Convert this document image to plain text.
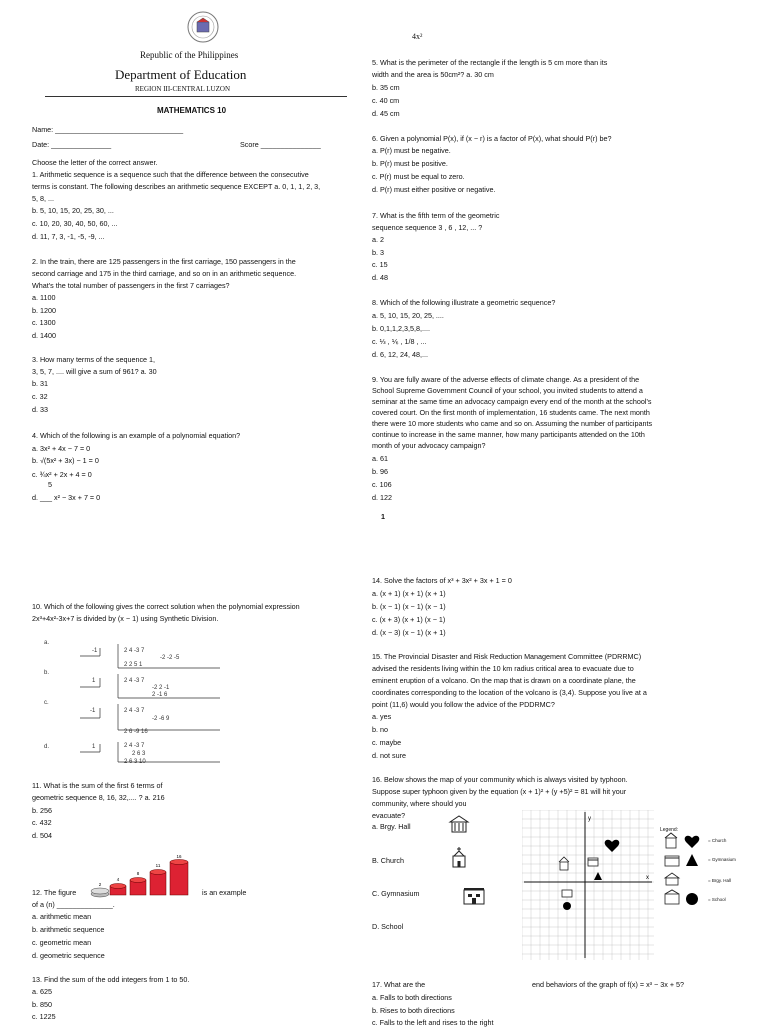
Republic of the Philippines
Department of Education
REGION III-CENTRAL LUZON
MATHEMATICS 10
Name: ________________________________
Date: _______________	Score _______________
Choose the letter of the correct answer.
1. Arithmetic sequence is a sequence such that the difference between the consecutive
terms is constant. The following describes an arithmetic sequence EXCEPT a. 0, 1, 1, 2, 3,
5, 8, ...
b. 5, 10, 15, 20, 25, 30, ...
c. 10, 20, 30, 40, 50, 60, ...
d. 11, 7, 3, -1, -5, -9, ...
2. In the train, there are 125 passengers in the first carriage, 150 passengers in the
second carriage and 175 in the third carriage, and so on in an arithmetic sequence.
What's the total number of passengers in the first 7 carriages?
a. 1100
b. 1200
c. 1300
d. 1400
3. How many terms of the sequence 1,
3, 5, 7, .... will give a sum of 961? a. 30
b. 31
c. 32
d. 33
4. Which of the following is an example of a polynomial equation?
a. 3x² + 4x − 7 = 0
b. √(5x² + 3x) − 1 = 0
c. ¾x² + 2x + 4 = 0
5
d. ___ x² − 3x + 7 = 0
4x²
5. What is the perimeter of the rectangle if the length is 5 cm more than its
width and the area is 50cm²? a. 30 cm
b. 35 cm
c. 40 cm
d. 45 cm
6. Given a polynomial P(x), if (x − r) is a factor of P(x), what should P(r) be?
a. P(r) must be negative.
b. P(r) must be positive.
c. P(r) must be equal to zero.
d. P(r) must either positive or negative.
7. What is the fifth term of the geometric
sequence sequence 3 , 6 , 12, ... ?
a. 2
b. 3
c. 15
d. 48
8. Which of the following illustrate a geometric sequence?
a. 5, 10, 15, 20, 25, ....
b. 0,1,1,2,3,5,8,....
c. ⅓ , ⅙ , 1/8 , ...
d. 6, 12, 24, 48,...
9. You are fully aware of the adverse effects of climate change. As a president of the
School Supreme Government Council of your school, you invited students to attend a
seminar at the same time an advocacy campaign every end of the month at the school's
covered court. On the first month of implementation, 16 students came. The next month
there were 10 more students who came and so on. Assuming the number of participants
continue to increase in the same manner, how many participants attended on the 10th
month of your advocacy campaign?
a. 61
b. 96
c. 106
d. 122
1
10. Which of the following gives the correct solution when the polynomial expression
2x³+4x²-3x+7 is divided by (x − 1) using Synthetic Division.
a.
-1	2 4 -3 7
-2 -2 -5
2 2 5 1
b.
1	2 4 -3 7
-2 2 -1
2 -1 6
c.
-1	2 4 -3 7
-2 -6 9
2 6 -9 16
d.	1	2 4 -3 7
2 6 3
2 6 3 10
11. What is the sum of the first 6 terms of
geometric sequence 8, 16, 32,.... ? a. 216
b. 256
c. 432
d. 504
2
4
8
11
16
12. The figure	is an example
of a (n) ______________.
a. arithmetic mean
b. arithmetic sequence
c. geometric mean
d. geometric sequence
13. Find the sum of the odd integers from 1 to 50.
a. 625
b. 850
c. 1225
14. Solve the factors of x³ + 3x² + 3x + 1 = 0
a. (x + 1) (x + 1) (x + 1)
b. (x − 1) (x − 1) (x − 1)
c. (x + 3) (x + 1) (x − 1)
d. (x − 3) (x − 1) (x + 1)
15. The Provincial Disaster and Risk Reduction Management Committee (PDRRMC)
advised the residents living within the 10 km radius critical area to evacuate due to
eminent eruption of a volcano. On the map that is drawn on a coordinate plane, the
coordinates corresponding to the location of the volcano is (3,4). Suppose you live at a
point (11,6) would you follow the advice of the PDDRMC?
a. yes
b. no
c. maybe
d. not sure
16. Below shows the map of your community which is always visited by typhoon.
Suppose super typhoon given by the equation (x + 1)² + (y +5)² = 81 will hit your
community, where should you
evacuate?
a. Brgy. Hall
B. Church
C. Gymnasium
D. School
y
x
Legend:
= Church
= Gymnasium
= Brgy. Hall
= School
17. What are the	end behaviors of the graph of f(x) = x³ − 3x + 5?
a. Falls to both directions
b. Rises to both directions
c. Falls to the left and rises to the right
